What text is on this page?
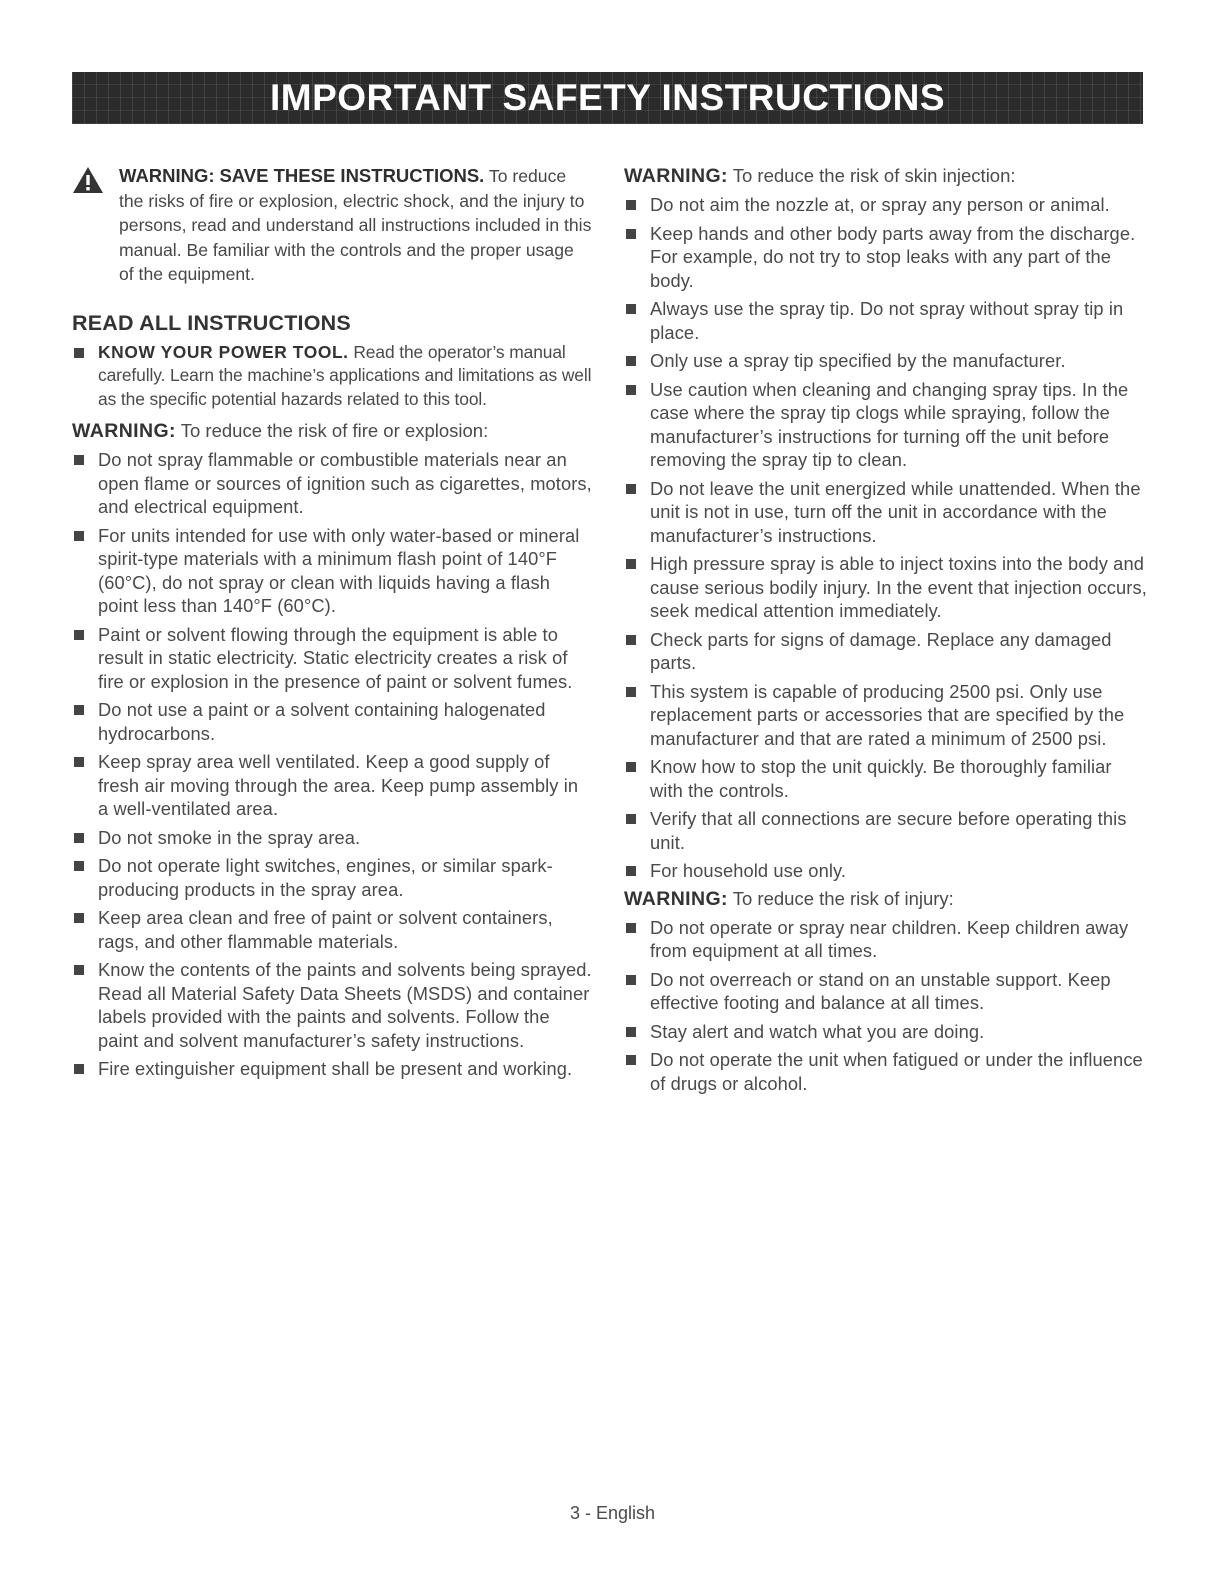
IMPORTANT SAFETY INSTRUCTIONS
WARNING: SAVE THESE INSTRUCTIONS. To reduce the risks of fire or explosion, electric shock, and the injury to persons, read and understand all instructions included in this manual. Be familiar with the controls and the proper usage of the equipment.
READ ALL INSTRUCTIONS
KNOW YOUR POWER TOOL. Read the operator’s manual carefully. Learn the machine’s applications and limitations as well as the specific potential hazards related to this tool.
WARNING: To reduce the risk of fire or explosion:
Do not spray flammable or combustible materials near an open flame or sources of ignition such as cigarettes, motors, and electrical equipment.
For units intended for use with only water-based or mineral spirit-type materials with a minimum flash point of 140°F (60°C), do not spray or clean with liquids having a flash point less than 140°F (60°C).
Paint or solvent flowing through the equipment is able to result in static electricity. Static electricity creates a risk of fire or explosion in the presence of paint or solvent fumes.
Do not use a paint or a solvent containing halogenated hydrocarbons.
Keep spray area well ventilated. Keep a good supply of fresh air moving through the area. Keep pump assembly in a well-ventilated area.
Do not smoke in the spray area.
Do not operate light switches, engines, or similar spark-producing products in the spray area.
Keep area clean and free of paint or solvent containers, rags, and other flammable materials.
Know the contents of the paints and solvents being sprayed. Read all Material Safety Data Sheets (MSDS) and container labels provided with the paints and solvents. Follow the paint and solvent manufacturer’s safety instructions.
Fire extinguisher equipment shall be present and working.
WARNING: To reduce the risk of skin injection:
Do not aim the nozzle at, or spray any person or animal.
Keep hands and other body parts away from the discharge. For example, do not try to stop leaks with any part of the body.
Always use the spray tip. Do not spray without spray tip in place.
Only use a spray tip specified by the manufacturer.
Use caution when cleaning and changing spray tips. In the case where the spray tip clogs while spraying, follow the manufacturer’s instructions for turning off the unit before removing the spray tip to clean.
Do not leave the unit energized while unattended. When the unit is not in use, turn off the unit in accordance with the manufacturer’s instructions.
High pressure spray is able to inject toxins into the body and cause serious bodily injury. In the event that injection occurs, seek medical attention immediately.
Check parts for signs of damage. Replace any damaged parts.
This system is capable of producing 2500 psi. Only use replacement parts or accessories that are specified by the manufacturer and that are rated a minimum of 2500 psi.
Know how to stop the unit quickly. Be thoroughly familiar with the controls.
Verify that all connections are secure before operating this unit.
For household use only.
WARNING: To reduce the risk of injury:
Do not operate or spray near children. Keep children away from equipment at all times.
Do not overreach or stand on an unstable support. Keep effective footing and balance at all times.
Stay alert and watch what you are doing.
Do not operate the unit when fatigued or under the influence of drugs or alcohol.
3 - English
